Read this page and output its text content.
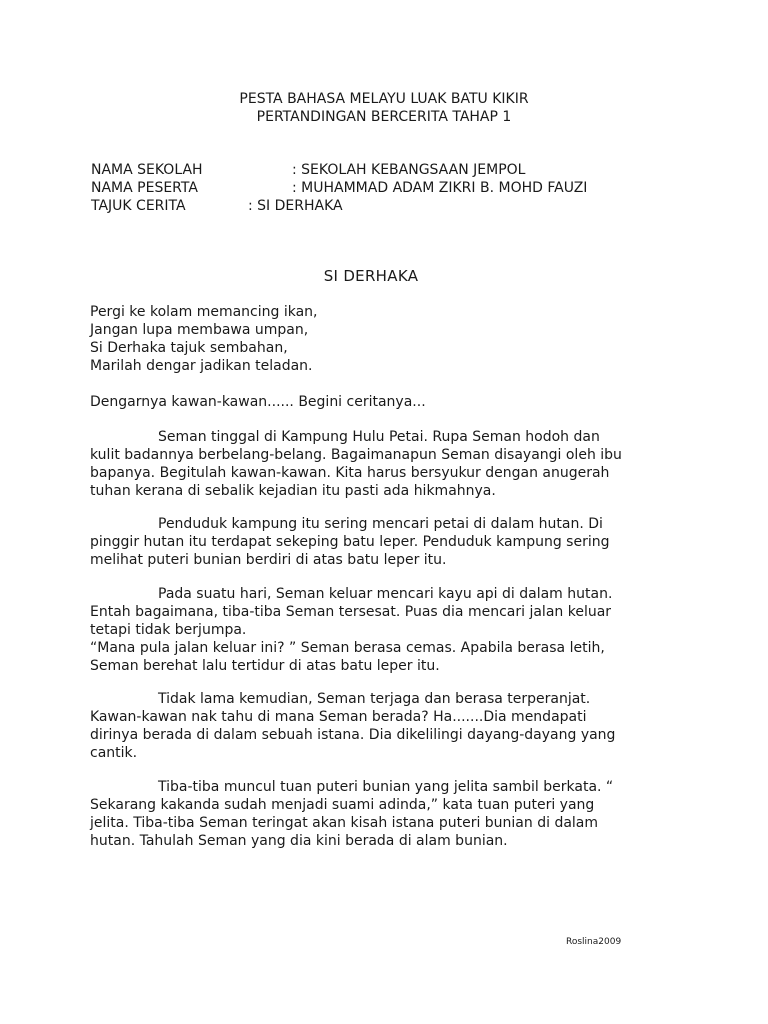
PESTA BAHASA MELAYU LUAK BATU KIKIR
PERTANDINGAN BERCERITA TAHAP 1
NAMA SEKOLAH	: SEKOLAH KEBANGSAAN JEMPOL
NAMA PESERTA	: MUHAMMAD ADAM ZIKRI B. MOHD FAUZI
TAJUK CERITA	: SI DERHAKA
SI DERHAKA
Pergi ke kolam memancing ikan,
Jangan lupa membawa umpan,
Si Derhaka tajuk sembahan,
Marilah dengar jadikan teladan.
Dengarnya kawan-kawan...... Begini ceritanya...
Seman tinggal di Kampung Hulu Petai. Rupa Seman hodoh dan
kulit badannya berbelang-belang. Bagaimanapun Seman disayangi oleh ibu
bapanya. Begitulah kawan-kawan. Kita harus bersyukur dengan anugerah
tuhan kerana di sebalik kejadian itu pasti ada hikmahnya.
Penduduk kampung itu sering mencari petai di dalam hutan. Di
pinggir hutan itu terdapat sekeping batu leper. Penduduk kampung sering
melihat puteri bunian berdiri di atas batu leper itu.
Pada suatu hari, Seman keluar mencari kayu api di dalam hutan.
Entah bagaimana, tiba-tiba Seman tersesat. Puas dia mencari jalan keluar
tetapi tidak berjumpa.
“Mana pula jalan keluar ini? ” Seman berasa cemas. Apabila berasa letih,
Seman berehat lalu tertidur di atas batu leper itu.
Tidak lama kemudian, Seman terjaga dan berasa terperanjat.
Kawan-kawan nak tahu di mana Seman berada? Ha.......Dia mendapati
dirinya berada di dalam sebuah istana. Dia dikelilingi dayang-dayang yang
cantik.
Tiba-tiba muncul tuan puteri bunian yang jelita sambil berkata. “
Sekarang kakanda sudah menjadi suami adinda,” kata tuan puteri yang
jelita. Tiba-tiba Seman teringat akan kisah istana puteri bunian di dalam
hutan. Tahulah Seman yang dia kini berada di alam bunian.
Roslina2009
